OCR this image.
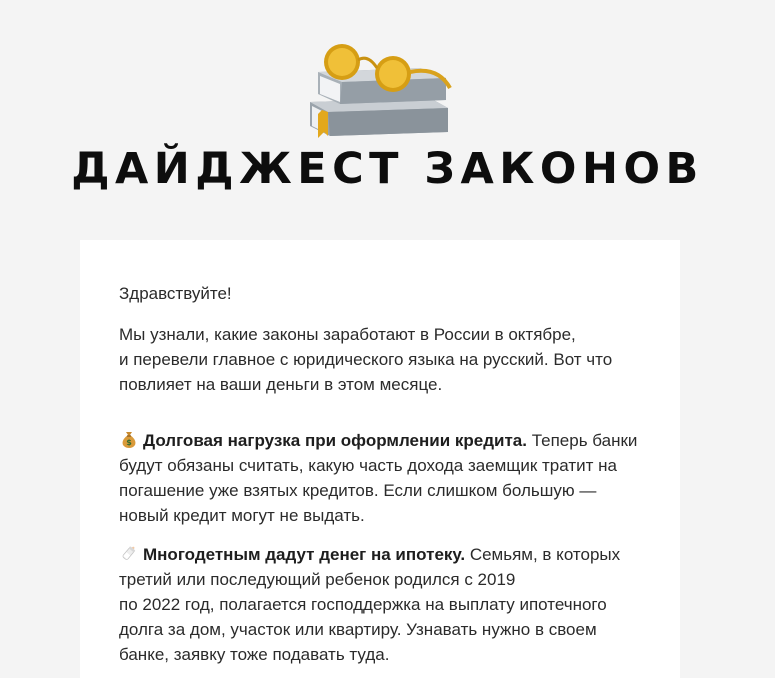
ДАЙДЖЕСТ ЗАКОНОВ

Здравствуйте!

Мы узнали, какие законы заработают в России в октябре,
и перевели главное с юридического языка на русский. Вот что повлияет на ваши деньги в этом месяце.

$ Долговая нагрузка при оформлении кредита. Теперь банки будут обязаны считать, какую часть дохода заемщик тратит на погашение уже взятых кредитов. Если слишком большую — новый кредит могут не выдать.

Многодетным дадут денег на ипотеку. Семьям, в которых третий или последующий ребенок родился с 2019
по 2022 год, полагается господдержка на выплату ипотечного долга за дом, участок или квартиру. Узнавать нужно в своем банке, заявку тоже подавать туда.
